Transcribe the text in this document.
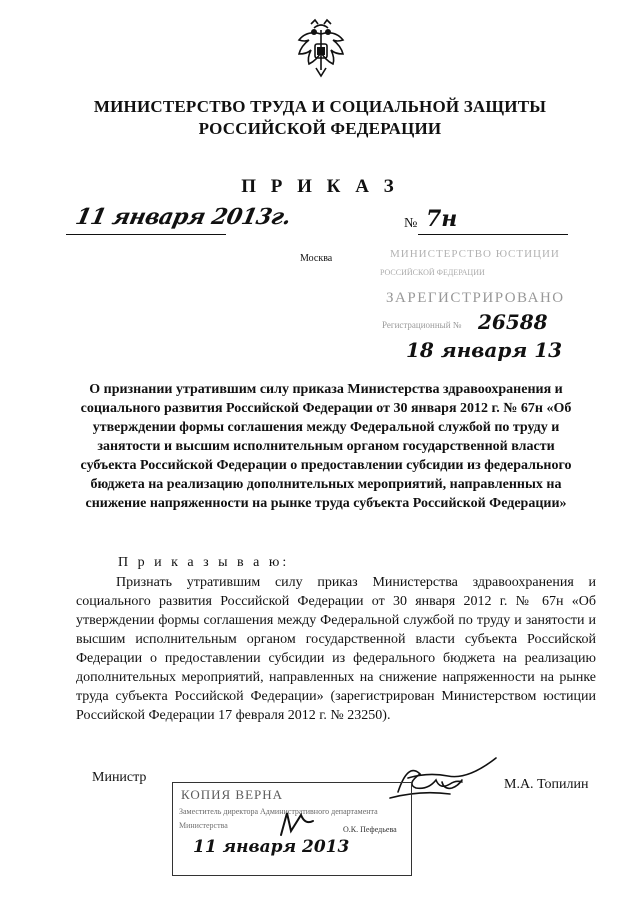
МИНИСТЕРСТВО ТРУДА И СОЦИАЛЬНОЙ ЗАЩИТЫ
РОССИЙСКОЙ ФЕДЕРАЦИИ
П Р И К А З
11 января 2013г.	№ 7н
Москва	МИНИСТЕРСТВО ЮСТИЦИИ
РОССИЙСКОЙ ФЕДЕРАЦИИ
ЗАРЕГИСТРИРОВАНО
Регистрационный № 26588
18 января 13
О признании утратившим силу приказа Министерства здравоохранения и социального развития Российской Федерации от 30 января 2012 г. № 67н «Об утверждении формы соглашения между Федеральной службой по труду и занятости и высшим исполнительным органом государственной власти субъекта Российской Федерации о предоставлении субсидии из федерального бюджета на реализацию дополнительных мероприятий, направленных на снижение напряженности на рынке труда субъекта Российской Федерации»
П р и к а з ы в а ю:
Признать утратившим силу приказ Министерства здравоохранения и социального развития Российской Федерации от 30 января 2012 г. № 67н «Об утверждении формы соглашения между Федеральной службой по труду и занятости и высшим исполнительным органом государственной власти субъекта Российской Федерации о предоставлении субсидии из федерального бюджета на реализацию дополнительных мероприятий, направленных на снижение напряженности на рынке труда субъекта Российской Федерации» (зарегистрирован Министерством юстиции Российской Федерации 17 февраля 2012 г. № 23250).
Министр	М.А. Топилин
КОПИЯ ВЕРНА
Заместитель директора Административного департамента
Министерства	О.К. Пефедьева
11 января 2013
